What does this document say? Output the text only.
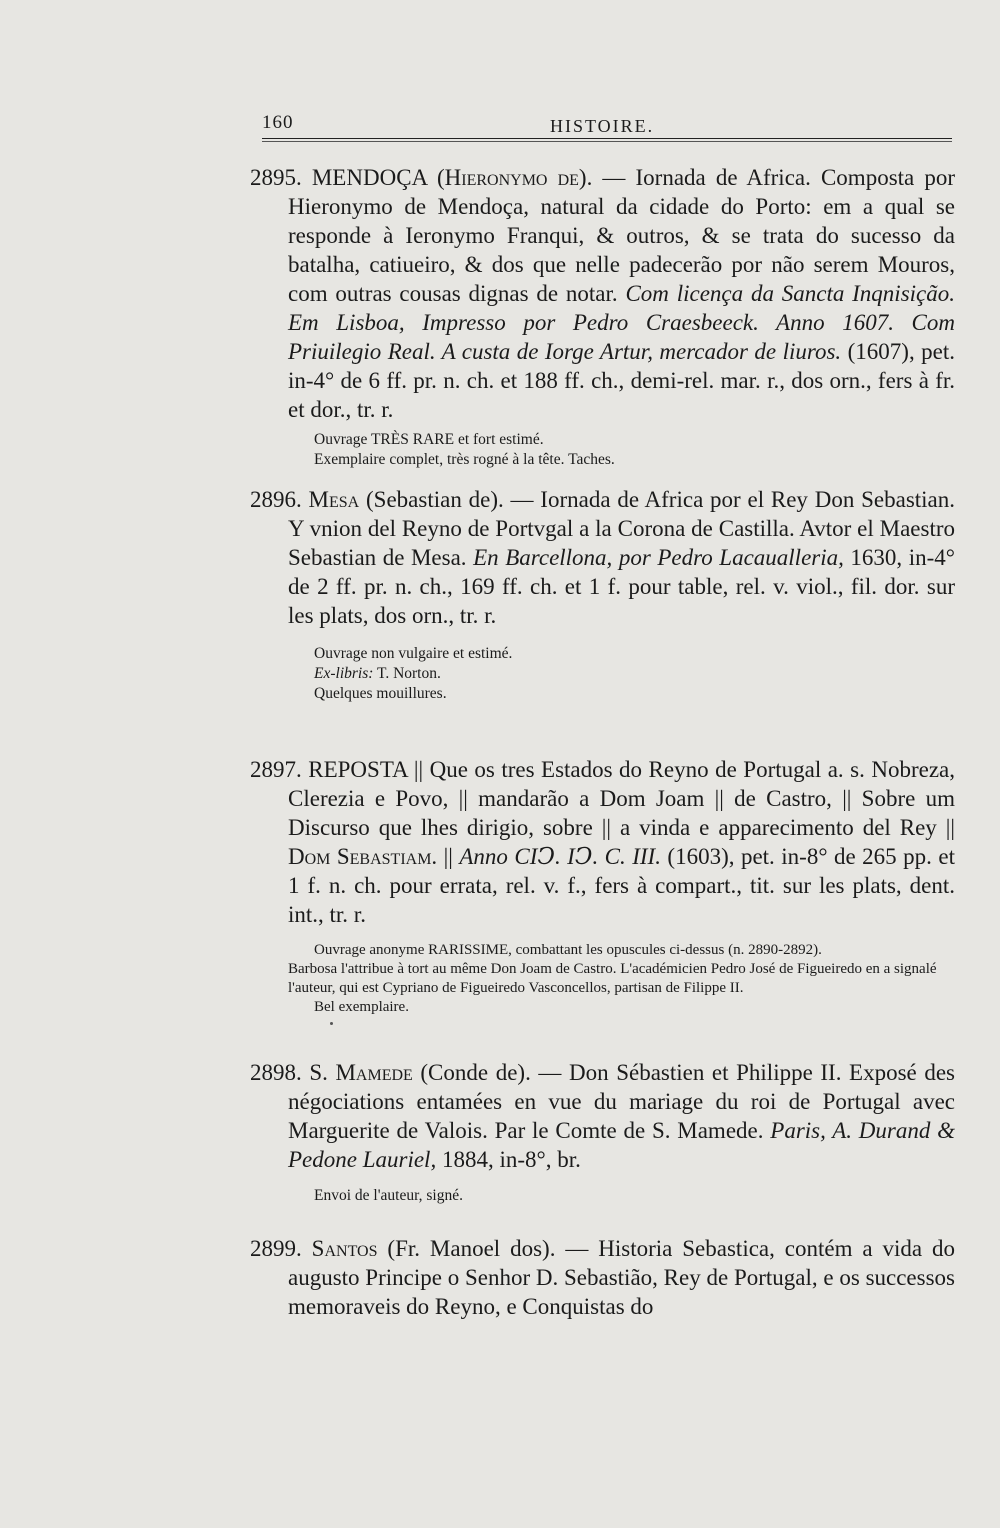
160	HISTOIRE.

2895. MENDOÇA (Hieronymo de). — Iornada de Africa. Composta por Hieronymo de Mendoça, natural da cidade do Porto: em a qual se responde à Ieronymo Franqui, & outros, & se trata do sucesso da batalha, catiueiro, & dos que nelle padecerão por não serem Mouros, com outras cousas dignas de notar. Com licença da Sancta Inqnisição. Em Lisboa, Impresso por Pedro Craesbeeck. Anno 1607. Com Priuilegio Real. A custa de Iorge Artur, mercador de liuros. (1607), pet. in-4° de 6 ff. pr. n. ch. et 188 ff. ch., demi-rel. mar. r., dos orn., fers à fr. et dor., tr. r.

Ouvrage TRÈS RARE et fort estimé.
Exemplaire complet, très rogné à la tête. Taches.

2896. Mesa (Sebastian de). — Iornada de Africa por el Rey Don Sebastian. Y vnion del Reyno de Portvgal a la Corona de Castilla. Avtor el Maestro Sebastian de Mesa. En Barcellona, por Pedro Lacaualleria, 1630, in-4° de 2 ff. pr. n. ch., 169 ff. ch. et 1 f. pour table, rel. v. viol., fil. dor. sur les plats, dos orn., tr. r.

Ouvrage non vulgaire et estimé.
Ex-libris: T. Norton.
Quelques mouillures.

2897. REPOSTA || Que os tres Estados do Reyno de Portugal a. s. Nobreza, Clerezia e Povo, || mandarão a Dom Joam || de Castro, || Sobre um Discurso que lhes dirigio, sobre || a vinda e apparecimento del Rey || Dom Sebastiam. || Anno CIↃ. IↃ. C. III. (1603), pet. in-8° de 265 pp. et 1 f. n. ch. pour errata, rel. v. f., fers à compart., tit. sur les plats, dent. int., tr. r.

Ouvrage anonyme RARISSIME, combattant les opuscules ci-dessus (n. 2890-2892).
Barbosa l'attribue à tort au même Don Joam de Castro. L'académicien Pedro José de Figueiredo en a signalé l'auteur, qui est Cypriano de Figueiredo Vasconcellos, partisan de Filippe II.
Bel exemplaire.

2898. S. Mamede (Conde de). — Don Sébastien et Philippe II. Exposé des négociations entamées en vue du mariage du roi de Portugal avec Marguerite de Valois. Par le Comte de S. Mamede. Paris, A. Durand & Pedone Lauriel, 1884, in-8°, br.

Envoi de l'auteur, signé.

2899. Santos (Fr. Manoel dos). — Historia Sebastica, contém a vida do augusto Principe o Senhor D. Sebastião, Rey de Portugal, e os successos memoraveis do Reyno, e Conquistas do
